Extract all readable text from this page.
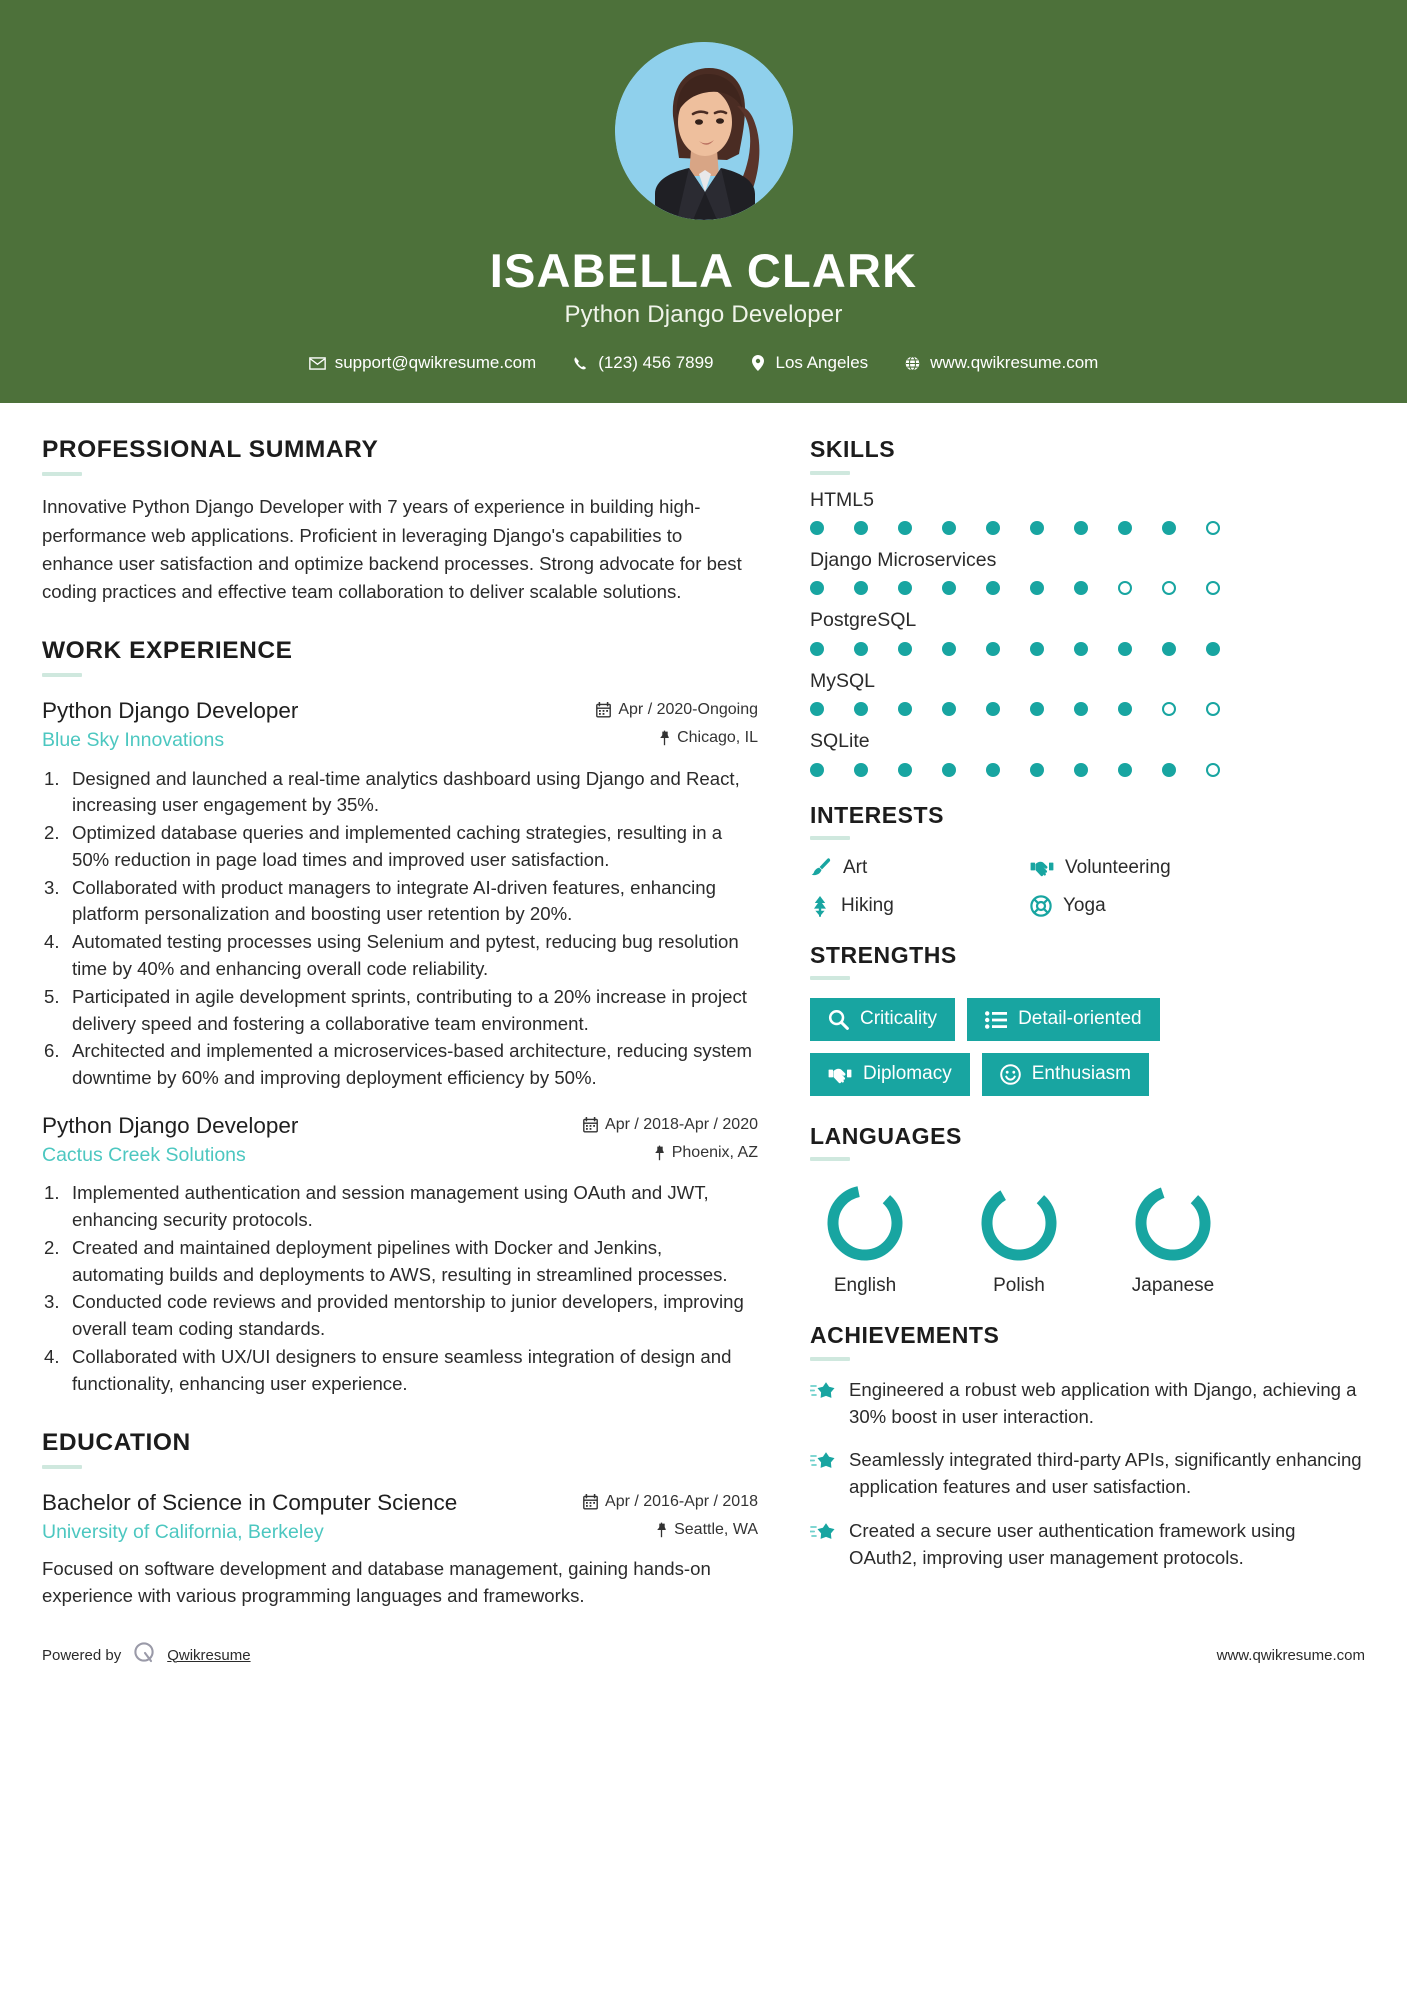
ISABELLA CLARK
Python Django Developer
support@qwikresume.com	(123) 456 7899	Los Angeles	www.qwikresume.com
PROFESSIONAL SUMMARY
Innovative Python Django Developer with 7 years of experience in building high-performance web applications. Proficient in leveraging Django's capabilities to enhance user satisfaction and optimize backend processes. Strong advocate for best coding practices and effective team collaboration to deliver scalable solutions.
WORK EXPERIENCE
Python Django Developer	Apr / 2020-Ongoing
Blue Sky Innovations	Chicago, IL
Designed and launched a real-time analytics dashboard using Django and React, increasing user engagement by 35%.
Optimized database queries and implemented caching strategies, resulting in a 50% reduction in page load times and improved user satisfaction.
Collaborated with product managers to integrate AI-driven features, enhancing platform personalization and boosting user retention by 20%.
Automated testing processes using Selenium and pytest, reducing bug resolution time by 40% and enhancing overall code reliability.
Participated in agile development sprints, contributing to a 20% increase in project delivery speed and fostering a collaborative team environment.
Architected and implemented a microservices-based architecture, reducing system downtime by 60% and improving deployment efficiency by 50%.
Python Django Developer	Apr / 2018-Apr / 2020
Cactus Creek Solutions	Phoenix, AZ
Implemented authentication and session management using OAuth and JWT, enhancing security protocols.
Created and maintained deployment pipelines with Docker and Jenkins, automating builds and deployments to AWS, resulting in streamlined processes.
Conducted code reviews and provided mentorship to junior developers, improving overall team coding standards.
Collaborated with UX/UI designers to ensure seamless integration of design and functionality, enhancing user experience.
EDUCATION
Bachelor of Science in Computer Science	Apr / 2016-Apr / 2018
University of California, Berkeley	Seattle, WA
Focused on software development and database management, gaining hands-on experience with various programming languages and frameworks.
SKILLS
HTML5
Django Microservices
PostgreSQL
MySQL
SQLite
INTERESTS
Art	Volunteering
Hiking	Yoga
STRENGTHS
Criticality	Detail-oriented
Diplomacy	Enthusiasm
LANGUAGES
English	Polish	Japanese
ACHIEVEMENTS
Engineered a robust web application with Django, achieving a 30% boost in user interaction.
Seamlessly integrated third-party APIs, significantly enhancing application features and user satisfaction.
Created a secure user authentication framework using OAuth2, improving user management protocols.
Powered by	Qwikresume	www.qwikresume.com
